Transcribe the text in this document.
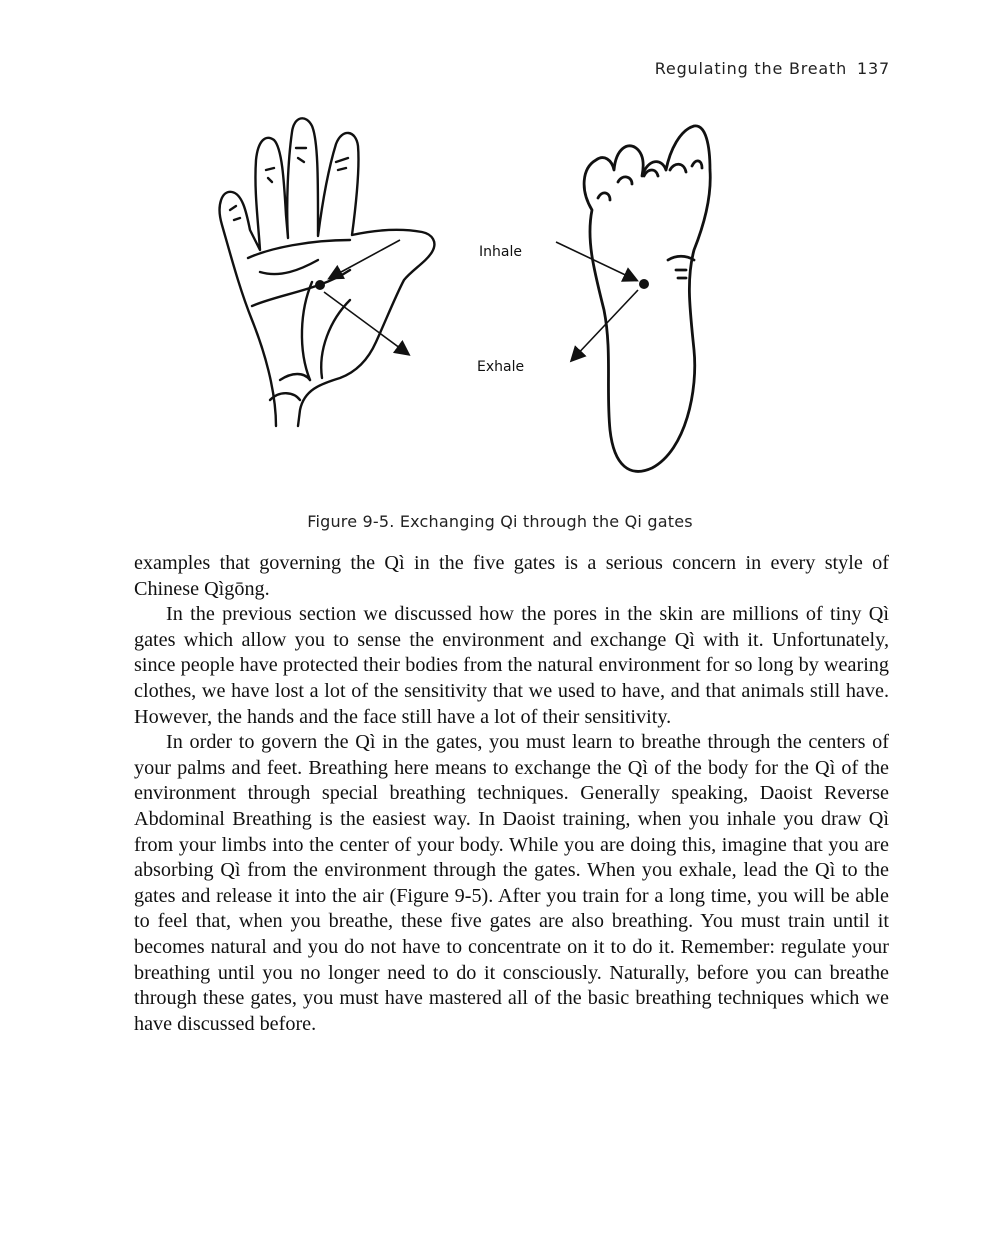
Regulating the Breath 137
Inhale
Exhale
Figure 9-5. Exchanging Qi through the Qi gates

examples that governing the Qì in the five gates is a serious concern in every style of Chinese Qìgōng.

In the previous section we discussed how the pores in the skin are millions of tiny Qì gates which allow you to sense the environment and exchange Qì with it. Unfortunately, since people have protected their bodies from the natural environment for so long by wearing clothes, we have lost a lot of the sensitivity that we used to have, and that animals still have. However, the hands and the face still have a lot of their sensitivity.

In order to govern the Qì in the gates, you must learn to breathe through the centers of your palms and feet. Breathing here means to exchange the Qì of the body for the Qì of the environment through special breathing techniques. Generally speaking, Daoist Reverse Abdominal Breathing is the easiest way. In Daoist training, when you inhale you draw Qì from your limbs into the center of your body. While you are doing this, imagine that you are absorbing Qì from the environment through the gates. When you exhale, lead the Qì to the gates and release it into the air (Figure 9-5). After you train for a long time, you will be able to feel that, when you breathe, these five gates are also breathing. You must train until it becomes natural and you do not have to concentrate on it to do it. Remember: regulate your breathing until you no longer need to do it consciously. Naturally, before you can breathe through these gates, you must have mastered all of the basic breathing techniques which we have discussed before.
